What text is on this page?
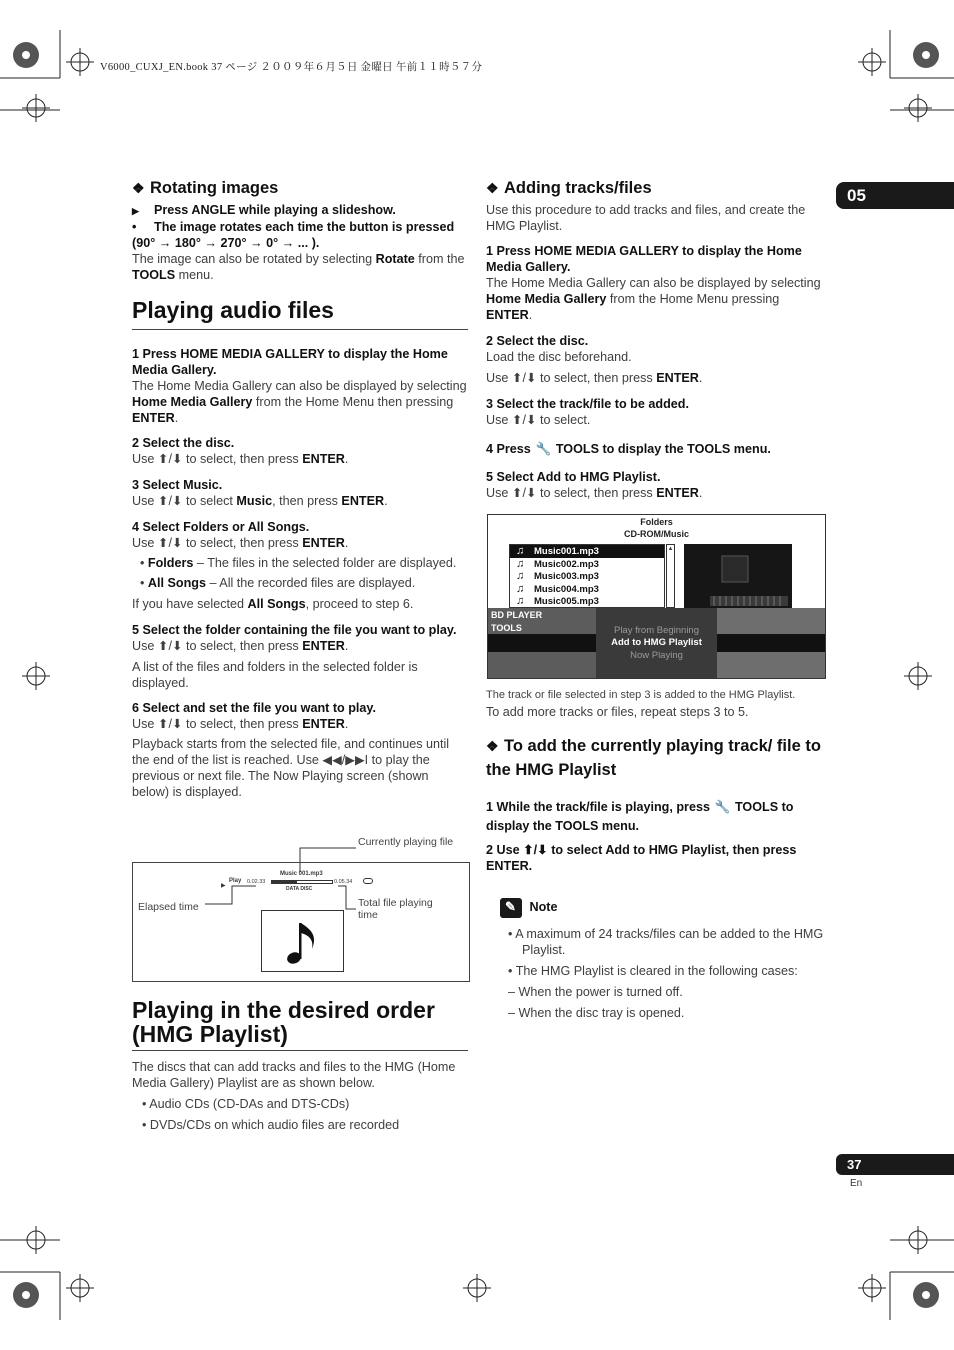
V6000_CUXJ_EN.book 37 ページ ２００９年６月５日 金曜日 午前１１時５７分
05
37
En
❖ Rotating images
▶ Press ANGLE while playing a slideshow.
• The image rotates each time the button is pressed (90° → 180° → 270° → 0° → ... ).
The image can also be rotated by selecting Rotate from the TOOLS menu.
Playing audio files
1 Press HOME MEDIA GALLERY to display the Home Media Gallery.
The Home Media Gallery can also be displayed by selecting Home Media Gallery from the Home Menu then pressing ENTER.
2 Select the disc.
Use ⬆/⬇ to select, then press ENTER.
3 Select Music.
Use ⬆/⬇ to select Music, then press ENTER.
4 Select Folders or All Songs.
Use ⬆/⬇ to select, then press ENTER.
• Folders – The files in the selected folder are displayed.
• All Songs – All the recorded files are displayed.
If you have selected All Songs, proceed to step 6.
5 Select the folder containing the file you want to play.
Use ⬆/⬇ to select, then press ENTER.
A list of the files and folders in the selected folder is displayed.
6 Select and set the file you want to play.
Use ⬆/⬇ to select, then press ENTER.
Playback starts from the selected file, and continues until the end of the list is reached. Use ◀◀/▶▶I to play the previous or next file. The Now Playing screen (shown below) is displayed.
Currently playing file
▶
Play 0.02.33
Music 001.mp3
0.05.34
DATA DISC
Elapsed time	Total file playing time
Playing in the desired order (HMG Playlist)
The discs that can add tracks and files to the HMG (Home Media Gallery) Playlist are as shown below.
• Audio CDs (CD-DAs and DTS-CDs)
• DVDs/CDs on which audio files are recorded
❖ Adding tracks/files
Use this procedure to add tracks and files, and create the HMG Playlist.
1 Press HOME MEDIA GALLERY to display the Home Media Gallery.
The Home Media Gallery can also be displayed by selecting Home Media Gallery from the Home Menu pressing ENTER.
2 Select the disc.
Load the disc beforehand.
Use ⬆/⬇ to select, then press ENTER.
3 Select the track/file to be added.
Use ⬆/⬇ to select.
4 Press 🔧 TOOLS to display the TOOLS menu.
5 Select Add to HMG Playlist.
Use ⬆/⬇ to select, then press ENTER.
Folders
CD-ROM/Music
♫ Music001.mp3
♫ Music002.mp3
♫ Music003.mp3
♫ Music004.mp3
♫ Music005.mp3
▲
BD PLAYER
TOOLS	Play from Beginning
Add to HMG Playlist
Now Playing
The track or file selected in step 3 is added to the HMG Playlist.
To add more tracks or files, repeat steps 3 to 5.
❖ To add the currently playing track/ file to the HMG Playlist
1 While the track/file is playing, press 🔧 TOOLS to display the TOOLS menu.
2 Use ⬆/⬇ to select Add to HMG Playlist, then press ENTER.
✎ Note
• A maximum of 24 tracks/files can be added to the HMG Playlist.
• The HMG Playlist is cleared in the following cases:
– When the power is turned off.
– When the disc tray is opened.
